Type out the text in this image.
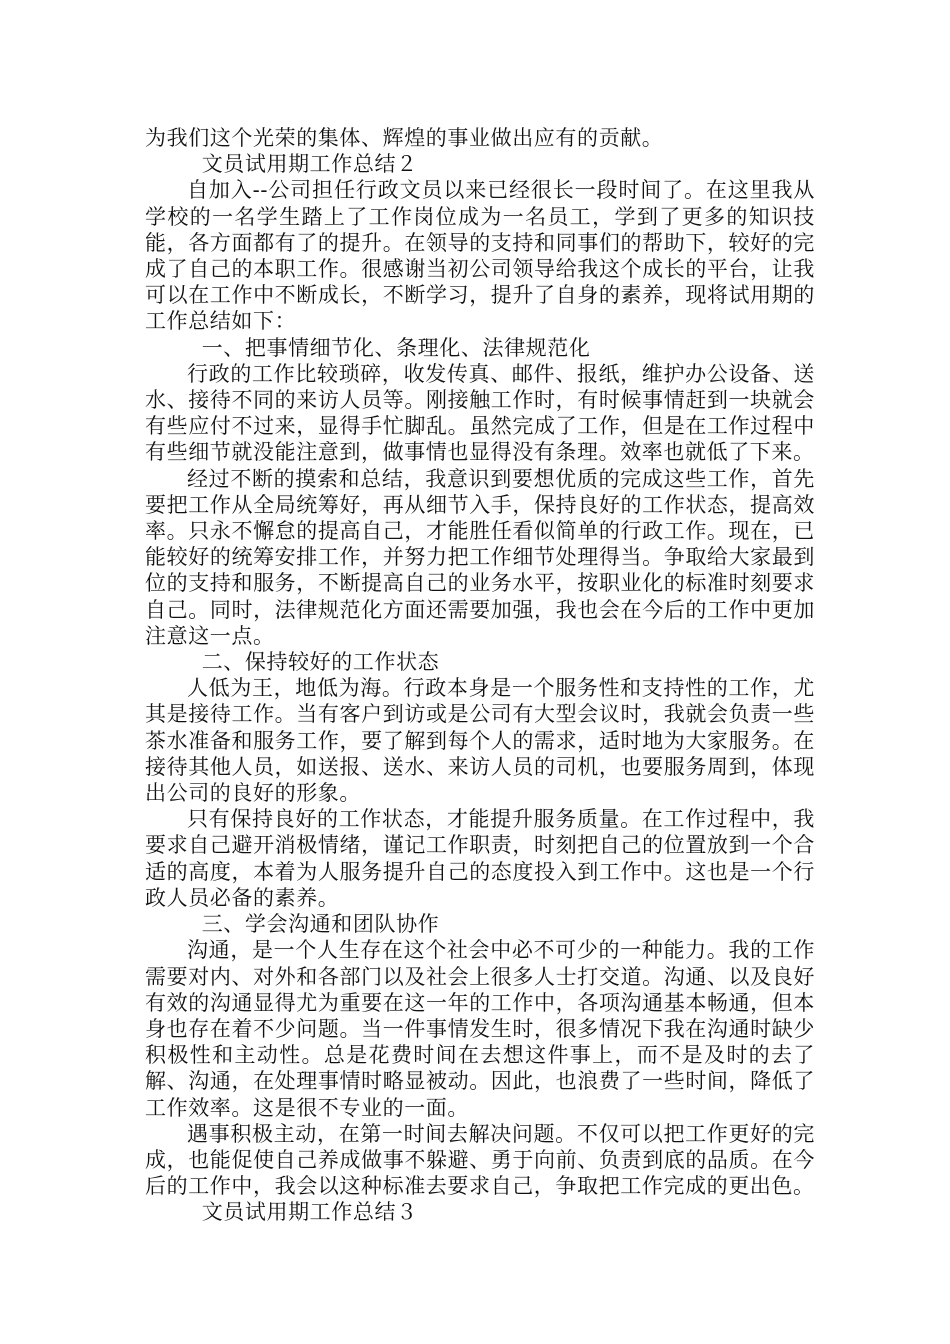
为我们这个光荣的集体、辉煌的事业做出应有的贡献。

文员试用期工作总结２

自加入--公司担任行政文员以来已经很长一段时间了。在这里我从学校的一名学生踏上了工作岗位成为一名员工，学到了更多的知识技能，各方面都有了的提升。在领导的支持和同事们的帮助下，较好的完成了自己的本职工作。很感谢当初公司领导给我这个成长的平台，让我可以在工作中不断成长，不断学习，提升了自身的素养，现将试用期的工作总结如下：

一、把事情细节化、条理化、法律规范化

行政的工作比较琐碎，收发传真、邮件、报纸，维护办公设备、送水、接待不同的来访人员等。刚接触工作时，有时候事情赶到一块就会有些应付不过来，显得手忙脚乱。虽然完成了工作，但是在工作过程中有些细节就没能注意到，做事情也显得没有条理。效率也就低了下来。

经过不断的摸索和总结，我意识到要想优质的完成这些工作，首先要把工作从全局统筹好，再从细节入手，保持良好的工作状态，提高效率。只永不懈怠的提高自己，才能胜任看似简单的行政工作。现在，已能较好的统筹安排工作，并努力把工作细节处理得当。争取给大家最到位的支持和服务，不断提高自己的业务水平，按职业化的标准时刻要求自己。同时，法律规范化方面还需要加强，我也会在今后的工作中更加注意这一点。

二、保持较好的工作状态

人低为王，地低为海。行政本身是一个服务性和支持性的工作，尤其是接待工作。当有客户到访或是公司有大型会议时，我就会负责一些茶水准备和服务工作，要了解到每个人的需求，适时地为大家服务。在接待其他人员，如送报、送水、来访人员的司机，也要服务周到，体现出公司的良好的形象。

只有保持良好的工作状态，才能提升服务质量。在工作过程中，我要求自己避开消极情绪，谨记工作职责，时刻把自己的位置放到一个合适的高度，本着为人服务提升自己的态度投入到工作中。这也是一个行政人员必备的素养。

三、学会沟通和团队协作

沟通，是一个人生存在这个社会中必不可少的一种能力。我的工作需要对内、对外和各部门以及社会上很多人士打交道。沟通、以及良好有效的沟通显得尤为重要在这一年的工作中，各项沟通基本畅通，但本身也存在着不少问题。当一件事情发生时，很多情况下我在沟通时缺少积极性和主动性。总是花费时间在去想这件事上，而不是及时的去了解、沟通，在处理事情时略显被动。因此，也浪费了一些时间，降低了工作效率。这是很不专业的一面。

遇事积极主动，在第一时间去解决问题。不仅可以把工作更好的完成，也能促使自己养成做事不躲避、勇于向前、负责到底的品质。在今后的工作中，我会以这种标准去要求自己，争取把工作完成的更出色。

文员试用期工作总结３
